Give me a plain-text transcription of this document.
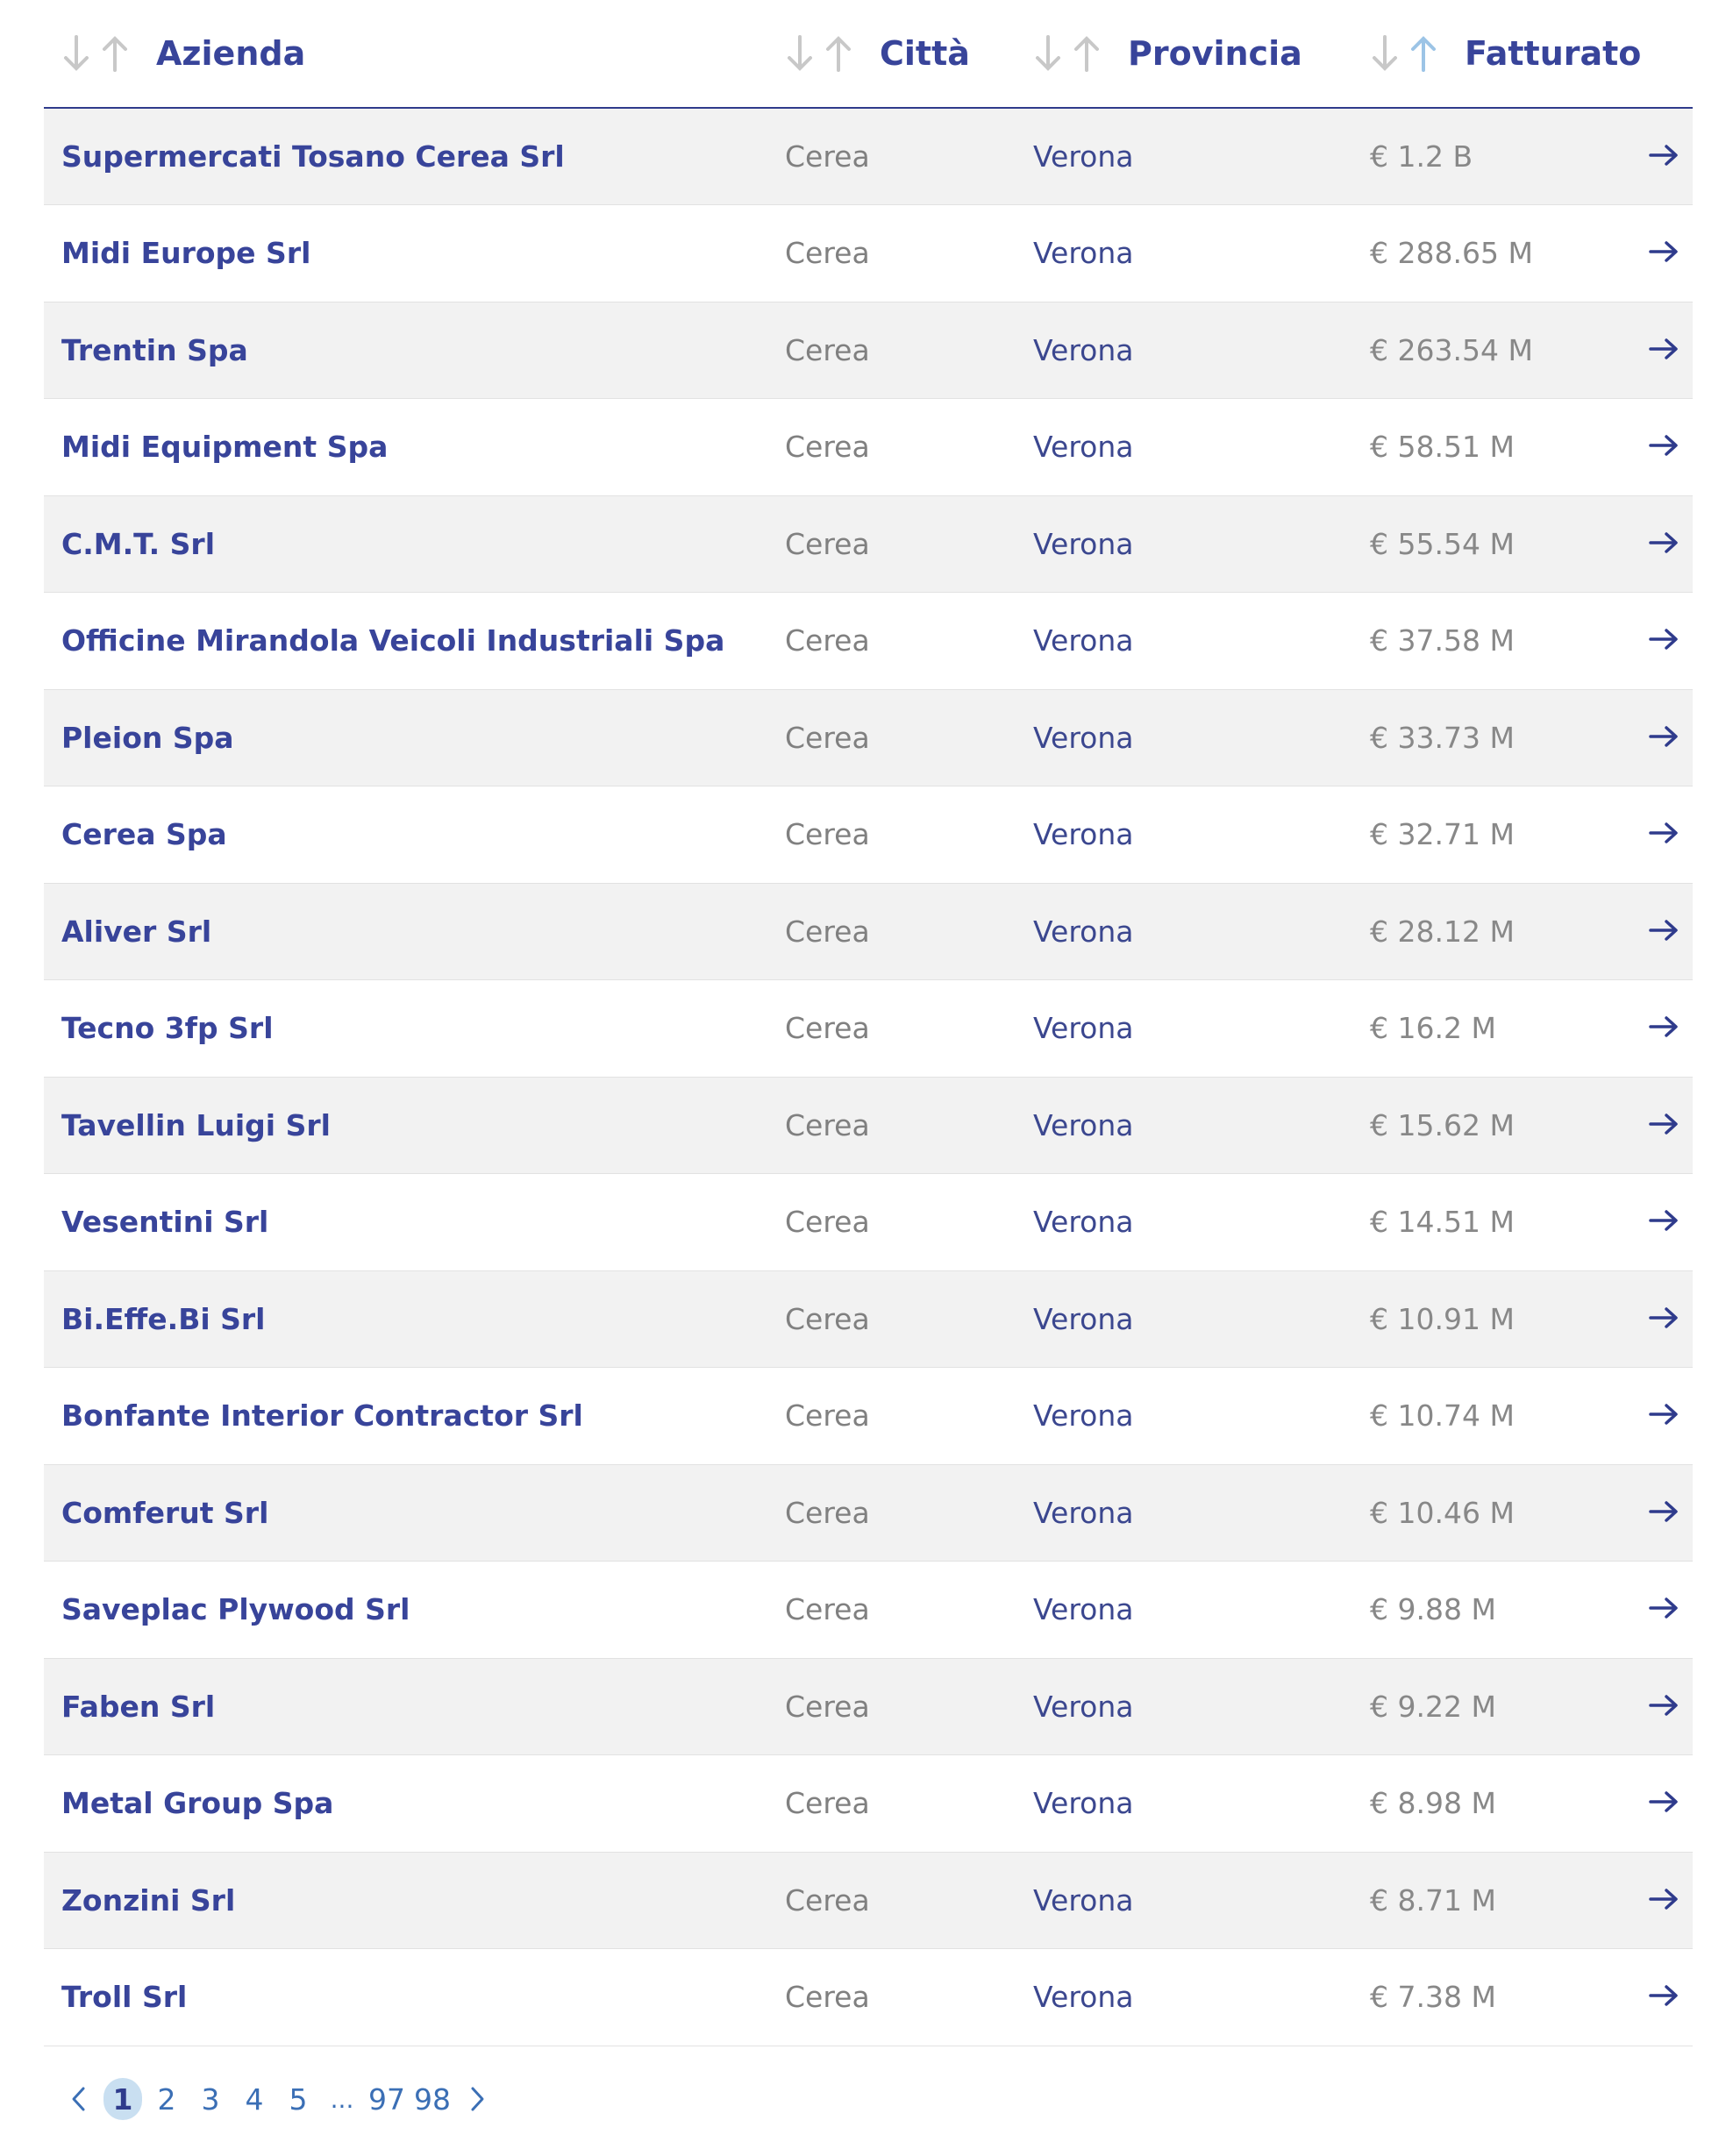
Azienda	Città	Provincia	Fatturato	

Supermercati Tosano Cerea Srl	Cerea	Verona	€ 1.2 B	
Midi Europe Srl	Cerea	Verona	€ 288.65 M	
Trentin Spa	Cerea	Verona	€ 263.54 M	
Midi Equipment Spa	Cerea	Verona	€ 58.51 M	
C.M.T. Srl	Cerea	Verona	€ 55.54 M	
Officine Mirandola Veicoli Industriali Spa	Cerea	Verona	€ 37.58 M	
Pleion Spa	Cerea	Verona	€ 33.73 M	
Cerea Spa	Cerea	Verona	€ 32.71 M	
Aliver Srl	Cerea	Verona	€ 28.12 M	
Tecno 3fp Srl	Cerea	Verona	€ 16.2 M	
Tavellin Luigi Srl	Cerea	Verona	€ 15.62 M	
Vesentini Srl	Cerea	Verona	€ 14.51 M	
Bi.Effe.Bi Srl	Cerea	Verona	€ 10.91 M	
Bonfante Interior Contractor Srl	Cerea	Verona	€ 10.74 M	
Comferut Srl	Cerea	Verona	€ 10.46 M	
Saveplac Plywood Srl	Cerea	Verona	€ 9.88 M	
Faben Srl	Cerea	Verona	€ 9.22 M	
Metal Group Spa	Cerea	Verona	€ 8.98 M	
Zonzini Srl	Cerea	Verona	€ 8.71 M	
Troll Srl	Cerea	Verona	€ 7.38 M	
1 2 3 4 5 ... 97 98
